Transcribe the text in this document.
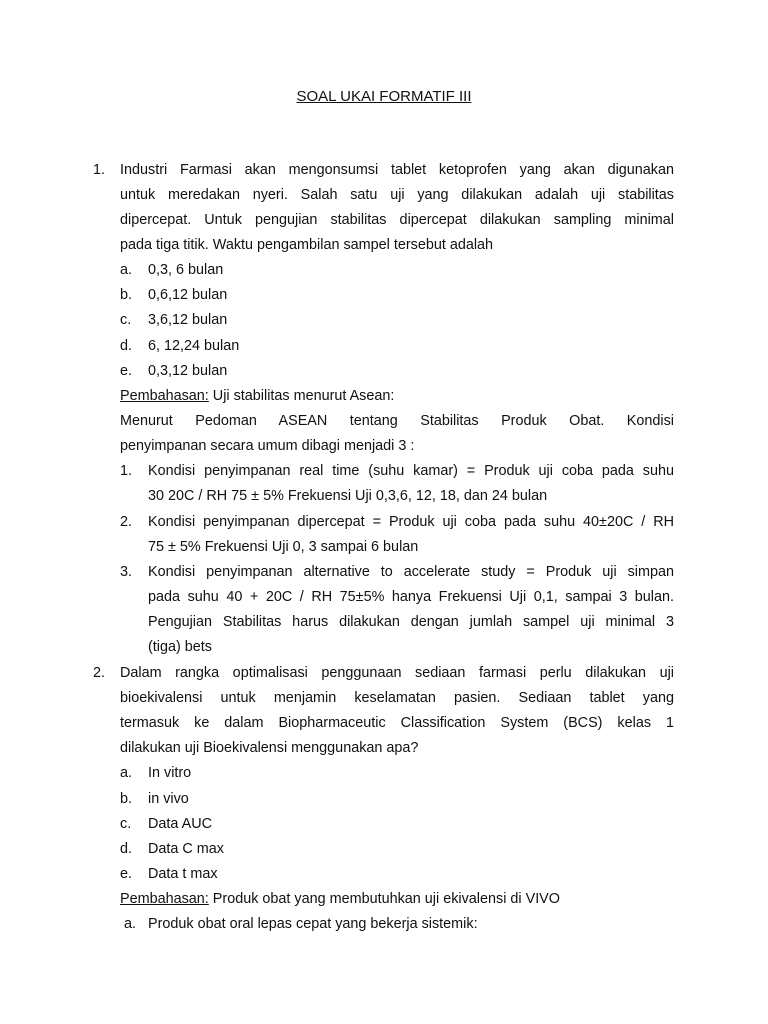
SOAL UKAI FORMATIF III
1. Industri Farmasi akan mengonsumsi tablet ketoprofen yang akan digunakan
untuk meredakan nyeri. Salah satu uji yang dilakukan adalah uji stabilitas
dipercepat. Untuk pengujian stabilitas dipercepat dilakukan sampling minimal
pada tiga titik. Waktu pengambilan sampel tersebut adalah
a. 0,3, 6 bulan
b. 0,6,12 bulan
c. 3,6,12 bulan
d. 6, 12,24 bulan
e. 0,3,12 bulan
Pembahasan: Uji stabilitas menurut Asean:
Menurut Pedoman ASEAN tentang Stabilitas Produk Obat. Kondisi
penyimpanan secara umum dibagi menjadi 3 :
1. Kondisi penyimpanan real time (suhu kamar) = Produk uji coba pada suhu
30 20C / RH 75 ± 5% Frekuensi Uji 0,3,6, 12, 18, dan 24 bulan
2. Kondisi penyimpanan dipercepat = Produk uji coba pada suhu 40±20C / RH
75 ± 5% Frekuensi Uji 0, 3 sampai 6 bulan
3. Kondisi penyimpanan alternative to accelerate study = Produk uji simpan
pada suhu 40 + 20C / RH 75±5% hanya Frekuensi Uji 0,1, sampai 3 bulan.
Pengujian Stabilitas harus dilakukan dengan jumlah sampel uji minimal 3
(tiga) bets
2. Dalam rangka optimalisasi penggunaan sediaan farmasi perlu dilakukan uji
bioekivalensi untuk menjamin keselamatan pasien. Sediaan tablet yang
termasuk ke dalam Biopharmaceutic Classification System (BCS) kelas 1
dilakukan uji Bioekivalensi menggunakan apa?
a. In vitro
b. in vivo
c. Data AUC
d. Data C max
e. Data t max
Pembahasan: Produk obat yang membutuhkan uji ekivalensi di VIVO
a. Produk obat oral lepas cepat yang bekerja sistemik:
